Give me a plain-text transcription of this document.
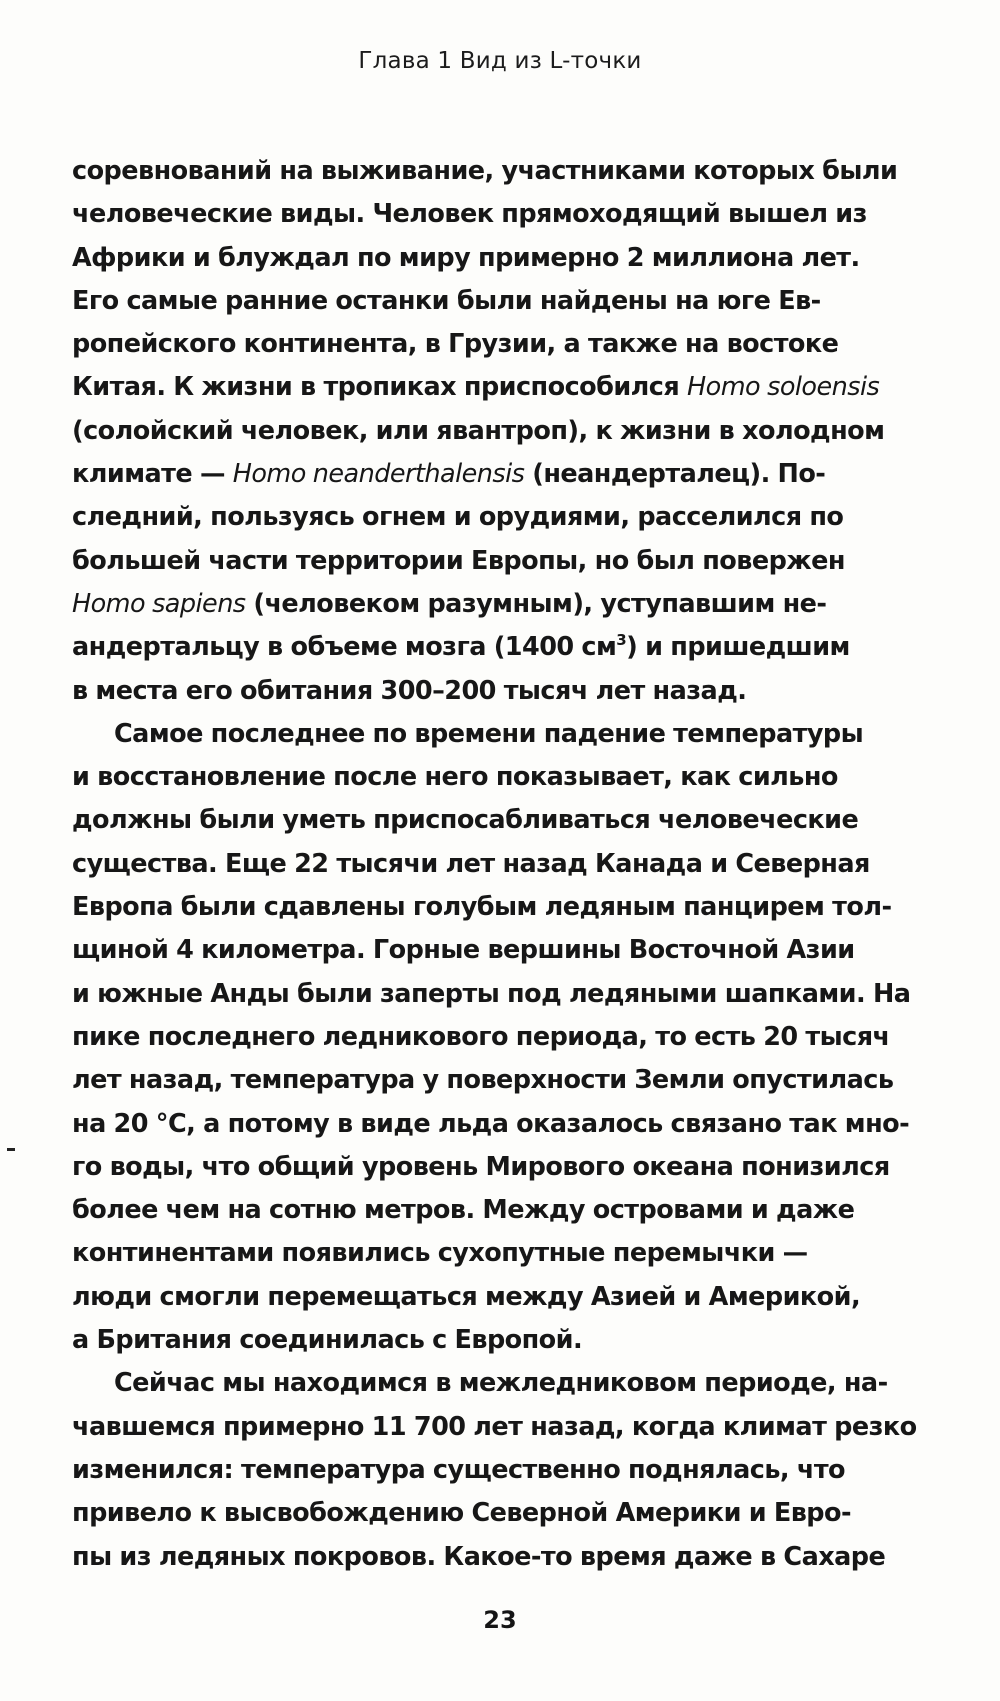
Глава 1 Вид из L-точки
соревнований на выживание, участниками которых были
человеческие виды. Человек прямоходящий вышел из
Африки и блуждал по миру примерно 2 миллиона лет.
Его самые ранние останки были найдены на юге Ев-
ропейского континента, в Грузии, а также на востоке
Китая. К жизни в тропиках приспособился Homo soloensis
(солойский человек, или явантроп), к жизни в холодном
климате — Homo neanderthalensis (неандерталец). По-
следний, пользуясь огнем и орудиями, расселился по
большей части территории Европы, но был повержен
Homo sapiens (человеком разумным), уступавшим не-
андертальцу в объеме мозга (1400 $см^3$) и пришедшим
в места его обитания 300–200 тысяч лет назад.
Самое последнее по времени падение температуры
и восстановление после него показывает, как сильно
должны были уметь приспосабливаться человеческие
существа. Еще 22 тысячи лет назад Канада и Северная
Европа были сдавлены голубым ледяным панцирем тол-
щиной 4 километра. Горные вершины Восточной Азии
и южные Анды были заперты под ледяными шапками. На
пике последнего ледникового периода, то есть 20 тысяч
лет назад, температура у поверхности Земли опустилась
на 20 °С, а потому в виде льда оказалось связано так мно-
го воды, что общий уровень Мирового океана понизился
более чем на сотню метров. Между островами и даже
континентами появились сухопутные перемычки —
люди смогли перемещаться между Азией и Америкой,
а Британия соединилась с Европой.
Сейчас мы находимся в межледниковом периоде, на-
чавшемся примерно 11 700 лет назад, когда климат резко
изменился: температура существенно поднялась, что
привело к высвобождению Северной Америки и Евро-
пы из ледяных покровов. Какое-то время даже в Сахаре
23
